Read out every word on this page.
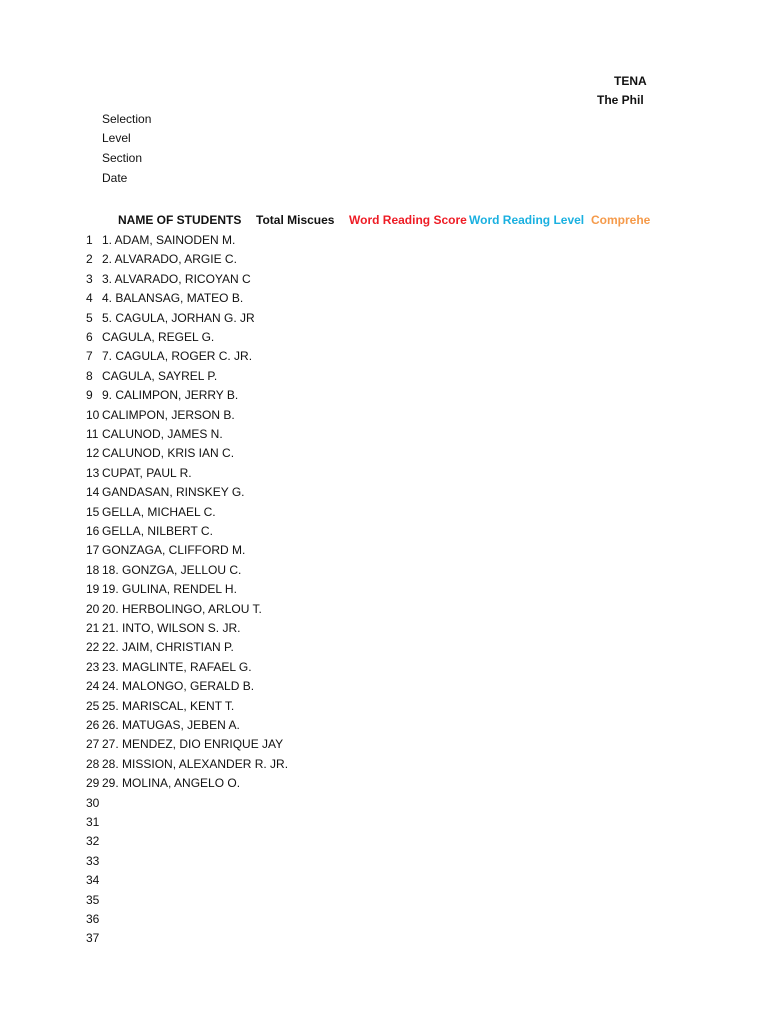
TENA
The Phil
Selection
Level
Section
Date
NAME OF STUDENTS Total Miscues Word Reading Score Word Reading Level Comprehe
1 1. ADAM, SAINODEN M.
2 2. ALVARADO, ARGIE C.
3 3. ALVARADO, RICOYAN C
4 4. BALANSAG, MATEO B.
5 5. CAGULA, JORHAN G. JR
6 CAGULA, REGEL G.
7 7. CAGULA, ROGER C. JR.
8 CAGULA, SAYREL P.
9 9. CALIMPON, JERRY B.
10 CALIMPON, JERSON B.
11 CALUNOD, JAMES N.
12 CALUNOD, KRIS IAN C.
13 CUPAT, PAUL R.
14 GANDASAN, RINSKEY G.
15 GELLA, MICHAEL C.
16 GELLA, NILBERT C.
17 GONZAGA, CLIFFORD M.
18 18. GONZGA, JELLOU C.
19 19. GULINA, RENDEL H.
20 20. HERBOLINGO, ARLOU T.
21 21. INTO, WILSON S. JR.
22 22. JAIM, CHRISTIAN P.
23 23. MAGLINTE, RAFAEL G.
24 24. MALONGO, GERALD B.
25 25. MARISCAL, KENT T.
26 26. MATUGAS, JEBEN A.
27 27. MENDEZ, DIO ENRIQUE JAY
28 28. MISSION, ALEXANDER R. JR.
29 29. MOLINA, ANGELO O.
30
31
32
33
34
35
36
37
